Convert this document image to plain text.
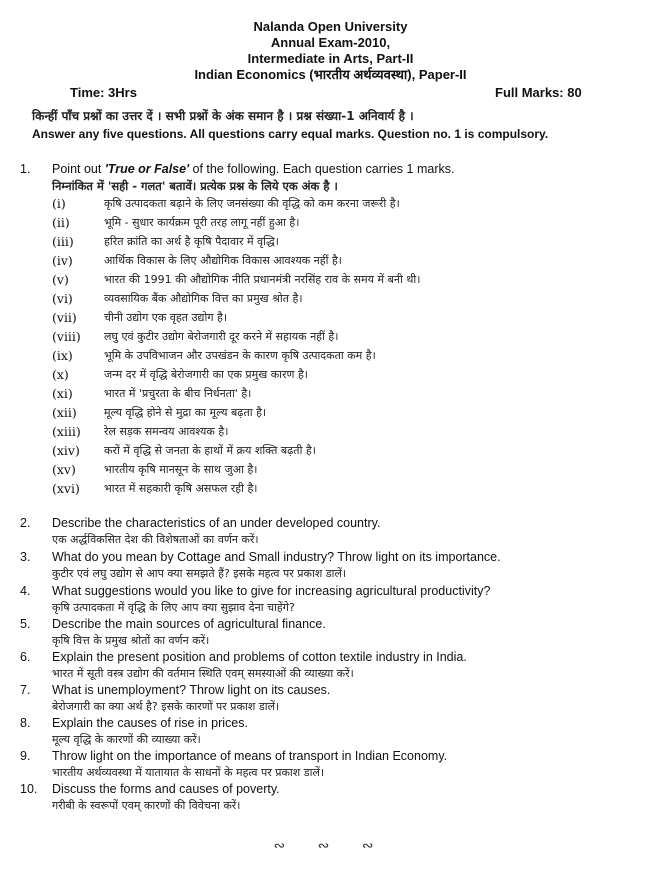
Nalanda Open University
Annual Exam-2010,
Intermediate in Arts, Part-II
Indian Economics (भारतीय अर्थव्यवस्था), Paper-II
Time: 3Hrs	Full Marks: 80
किन्हीं पाँच प्रश्नों का उत्तर दें । सभी प्रश्नों के अंक समान है । प्रश्न संख्या-1 अनिवार्य है ।
Answer any five questions. All questions carry equal marks. Question no. 1 is compulsory.
1. Point out 'True or False' of the following. Each question carries 1 marks.
निम्नांकित में 'सही - गलत' बतावें। प्रत्येक प्रश्न के लिये एक अंक है ।
(i)	कृषि उत्पादकता बढ़ाने के लिए जनसंख्या की वृद्धि को कम करना जरूरी है।
(ii)	भूमि - सुधार कार्यक्रम पूरी तरह लागू नहीं हुआ है।
(iii)	हरित क्रांति का अर्थ है कृषि पैदावार में वृद्धि।
(iv)	आर्थिक विकास के लिए औद्योगिक विकास आवश्यक नहीं है।
(v)	भारत की 1991 की औद्योगिक नीति प्रधानमंत्री नरसिंह राव के समय में बनी थी।
(vi)	व्यवसायिक बैंक औद्योगिक वित्त का प्रमुख श्रोत है।
(vii) चीनी उद्योग एक वृहत उद्योग है।
(viii) लघु एवं कुटीर उद्योग बेरोजगारी दूर करने में सहायक नहीं है।
(ix)	भूमि के उपविभाजन और उपखंडन के कारण कृषि उत्पादकता कम है।
(x)	जन्म दर में वृद्धि बेरोजगारी का एक प्रमुख कारण है।
(xi)	भारत में 'प्रचुरता के बीच निर्धनता' है।
(xii) मूल्य वृद्धि होने से मुद्रा का मूल्य बढ़ता है।
(xiii) रेल सड़क समन्वय आवश्यक है।
(xiv) करों में वृद्धि से जनता के हाथों में क्रय शक्ति बढ़ती है।
(xv)	भारतीय कृषि मानसून के साथ जुआ है।
(xvi) भारत में सहकारी कृषि असफल रही है।
2. Describe the characteristics of an under developed country.
एक अर्द्धविकसित देश की विशेषताओं का वर्णन करें।
3. What do you mean by Cottage and Small industry? Throw light on its importance.
कुटीर एवं लघु उद्योग से आप क्या समझते हैं? इसके महत्व पर प्रकाश डालें।
4. What suggestions would you like to give for increasing agricultural productivity?
कृषि उत्पादकता में वृद्धि के लिए आप क्या सुझाव देना चाहेंगे?
5. Describe the main sources of agricultural finance.
कृषि वित्त के प्रमुख श्रोतों का वर्णन करें।
6. Explain the present position and problems of cotton textile industry in India.
भारत में सूती वस्त्र उद्योग की वर्तमान स्थिति एवम् समस्याओं की व्याख्या करें।
7. What is unemployment? Throw light on its causes.
बेरोजगारी का क्या अर्थ है? इसके कारणों पर प्रकाश डालें।
8. Explain the causes of rise in prices.
मूल्य वृद्धि के कारणों की व्याख्या करें।
9. Throw light on the importance of means of transport in Indian Economy.
भारतीय अर्थव्यवस्था में यातायात के साधनों के महत्व पर प्रकाश डालें।
10. Discuss the forms and causes of poverty.
गरीबी के स्वरूपों एवम् कारणों की विवेचना करें।
∾ ∾ ∾
